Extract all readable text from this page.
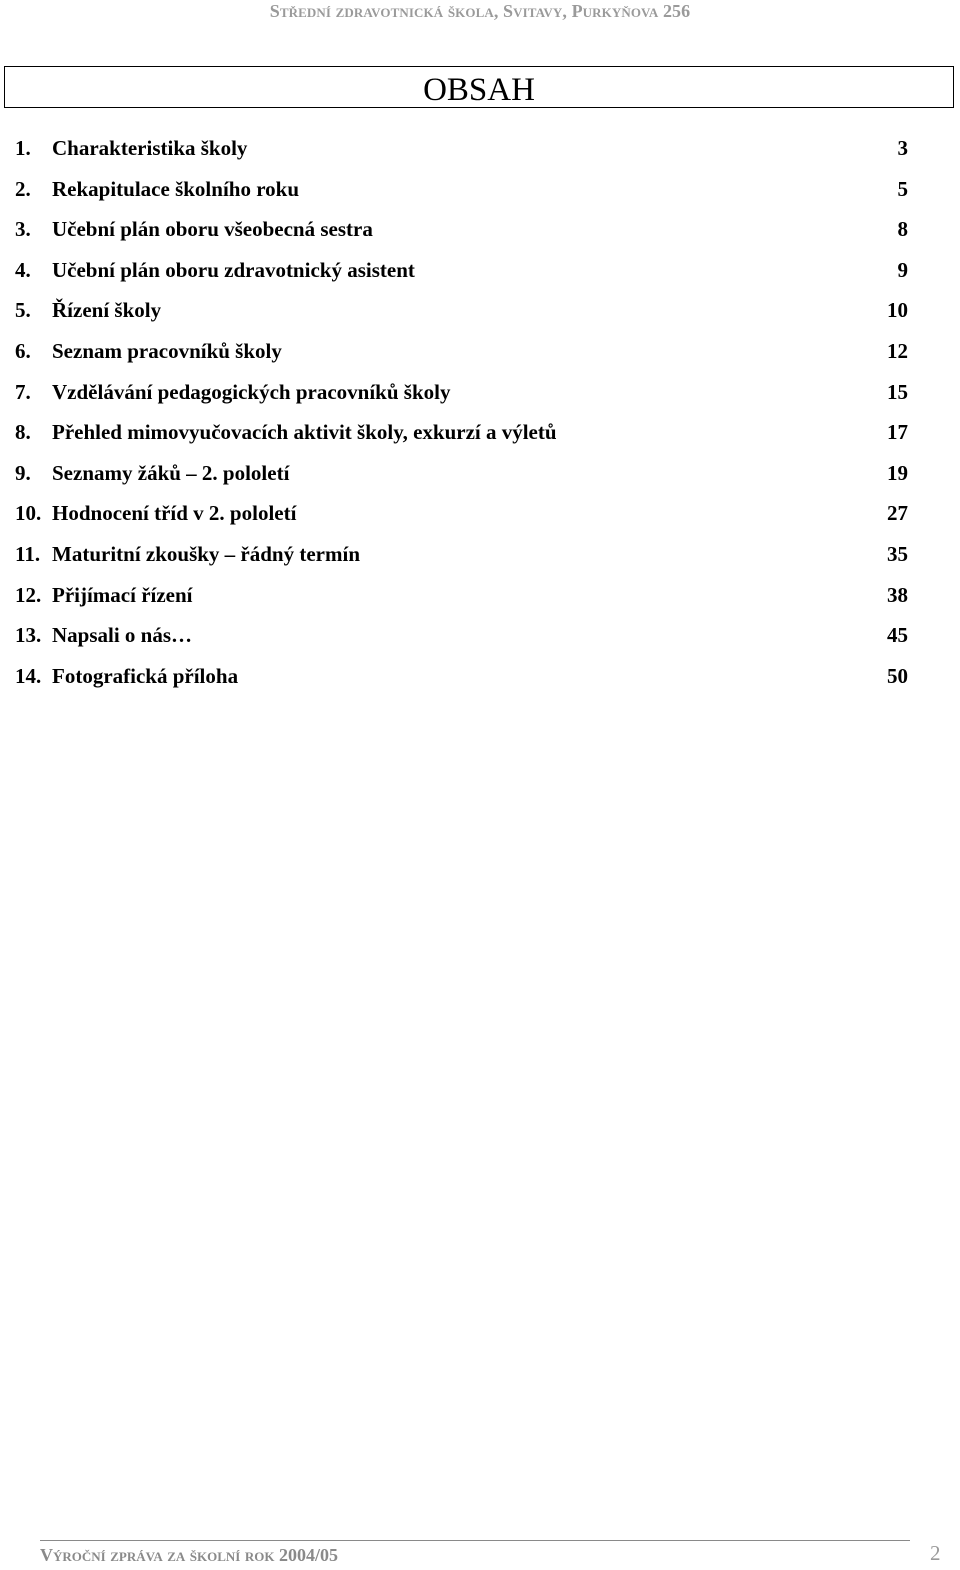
Střední zdravotnická škola, Svitavy, Purkyňova 256
OBSAH
1. Charakteristika školy	3
2. Rekapitulace školního roku	5
3. Učební plán oboru všeobecná sestra	8
4. Učební plán oboru zdravotnický asistent	9
5. Řízení školy	10
6. Seznam pracovníků školy	12
7. Vzdělávání pedagogických pracovníků školy	15
8. Přehled mimovyučovacích aktivit školy, exkurzí a výletů	17
9. Seznamy žáků – 2. pololetí	19
10. Hodnocení tříd v 2. pololetí	27
11. Maturitní zkoušky – řádný termín	35
12. Přijímací řízení	38
13. Napsali o nás…	45
14. Fotografická příloha	50
Výroční zpráva za školní rok 2004/05	2
